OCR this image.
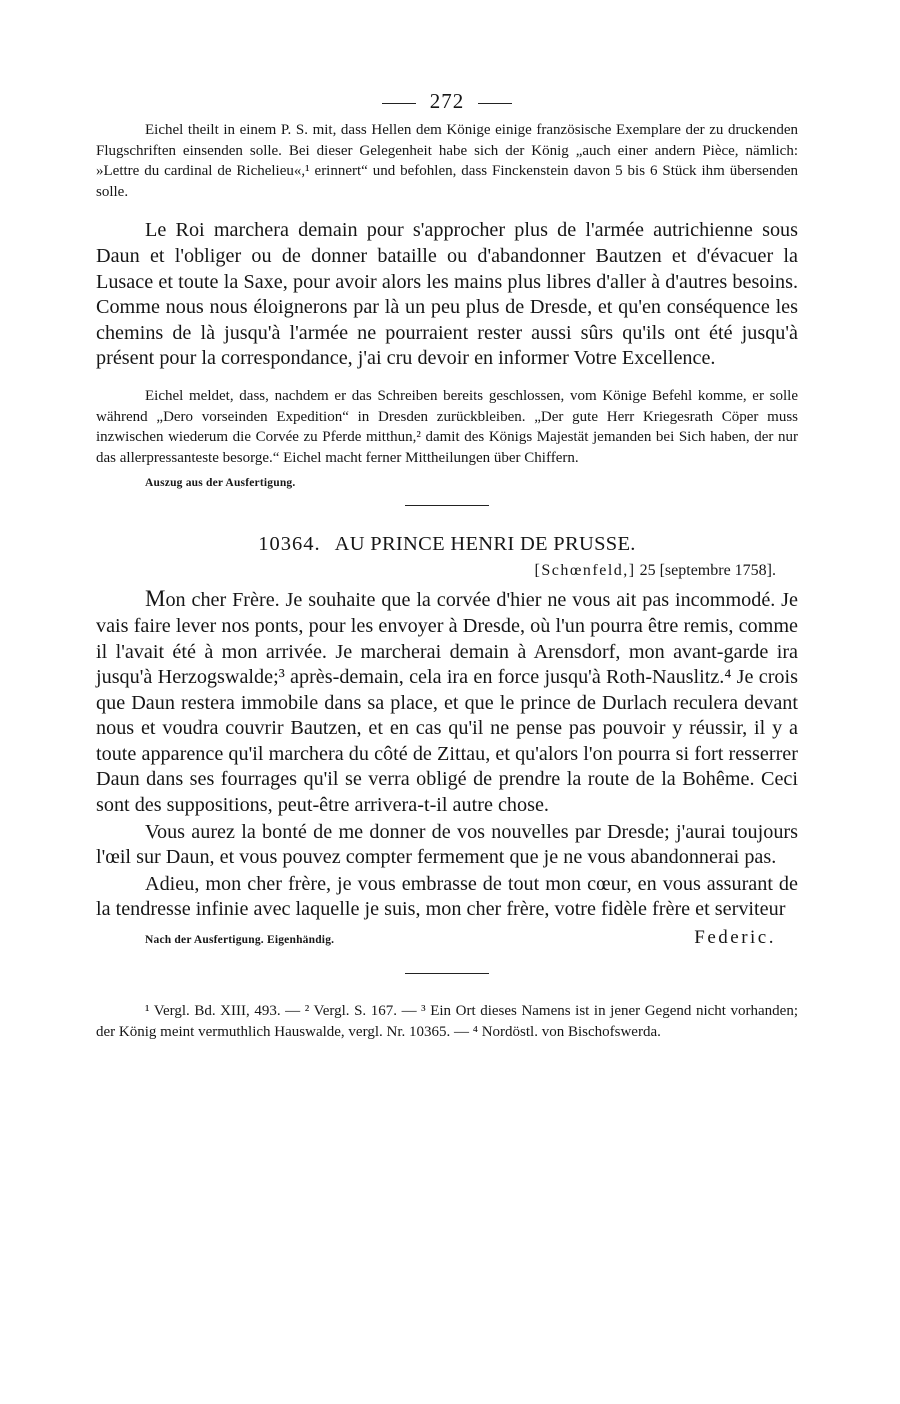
272

Eichel theilt in einem P. S. mit, dass Hellen dem Könige einige französische Exemplare der zu druckenden Flugschriften einsenden solle. Bei dieser Gelegenheit habe sich der König „auch einer andern Pièce, nämlich: »Lettre du cardinal de Richelieu«,¹ erinnert“ und befohlen, dass Finckenstein davon 5 bis 6 Stück ihm übersenden solle.

Le Roi marchera demain pour s'approcher plus de l'armée autrichienne sous Daun et l'obliger ou de donner bataille ou d'abandonner Bautzen et d'évacuer la Lusace et toute la Saxe, pour avoir alors les mains plus libres d'aller à d'autres besoins. Comme nous nous éloignerons par là un peu plus de Dresde, et qu'en conséquence les chemins de là jusqu'à l'armée ne pourraient rester aussi sûrs qu'ils ont été jusqu'à présent pour la correspondance, j'ai cru devoir en informer Votre Excellence.

Eichel meldet, dass, nachdem er das Schreiben bereits geschlossen, vom Könige Befehl komme, er solle während „Dero vorseinden Expedition“ in Dresden zurückbleiben. „Der gute Herr Kriegesrath Cöper muss inzwischen wiederum die Corvée zu Pferde mitthun,² damit des Königs Majestät jemanden bei Sich haben, der nur das allerpressanteste besorge.“ Eichel macht ferner Mittheilungen über Chiffern.

Auszug aus der Ausfertigung.
10364. AU PRINCE HENRI DE PRUSSE.
[Schœnfeld,] 25 [septembre 1758].

Mon cher Frère. Je souhaite que la corvée d'hier ne vous ait pas incommodé. Je vais faire lever nos ponts, pour les envoyer à Dresde, où l'un pourra être remis, comme il l'avait été à mon arrivée. Je marcherai demain à Arensdorf, mon avant-garde ira jusqu'à Herzogswalde;³ après-demain, cela ira en force jusqu'à Roth-Nauslitz.⁴ Je crois que Daun restera immobile dans sa place, et que le prince de Durlach reculera devant nous et voudra couvrir Bautzen, et en cas qu'il ne pense pas pouvoir y réussir, il y a toute apparence qu'il marchera du côté de Zittau, et qu'alors l'on pourra si fort resserrer Daun dans ses fourrages qu'il se verra obligé de prendre la route de la Bohême. Ceci sont des suppositions, peut-être arrivera-t-il autre chose.

Vous aurez la bonté de me donner de vos nouvelles par Dresde; j'aurai toujours l'œil sur Daun, et vous pouvez compter fermement que je ne vous abandonnerai pas.

Adieu, mon cher frère, je vous embrasse de tout mon cœur, en vous assurant de la tendresse infinie avec laquelle je suis, mon cher frère, votre fidèle frère et serviteur

Nach der Ausfertigung. Eigenhändig.	Federic.

¹ Vergl. Bd. XIII, 493. — ² Vergl. S. 167. — ³ Ein Ort dieses Namens ist in jener Gegend nicht vorhanden; der König meint vermuthlich Hauswalde, vergl. Nr. 10365. — ⁴ Nordöstl. von Bischofswerda.
